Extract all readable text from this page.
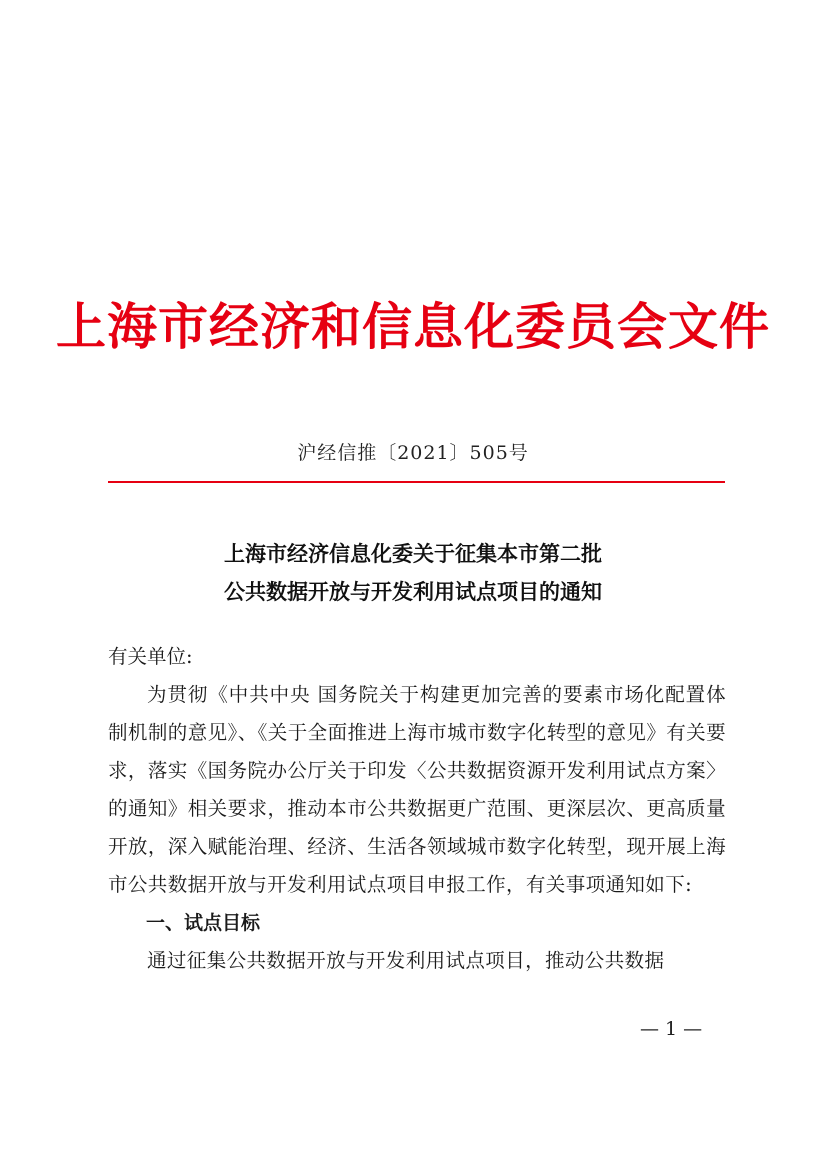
上海市经济和信息化委员会文件
沪经信推〔2021〕505号
上海市经济信息化委关于征集本市第二批
公共数据开放与开发利用试点项目的通知
有关单位:

为贯彻《中共中央 国务院关于构建更加完善的要素市场化配置体制机制的意见》、《关于全面推进上海市城市数字化转型的意见》有关要求，落实《国务院办公厅关于印发〈公共数据资源开发利用试点方案〉的通知》相关要求，推动本市公共数据更广范围、更深层次、更高质量开放，深入赋能治理、经济、生活各领域城市数字化转型，现开展上海市公共数据开放与开发利用试点项目申报工作，有关事项通知如下:

一、试点目标

通过征集公共数据开放与开发利用试点项目，推动公共数据

— 1 —
